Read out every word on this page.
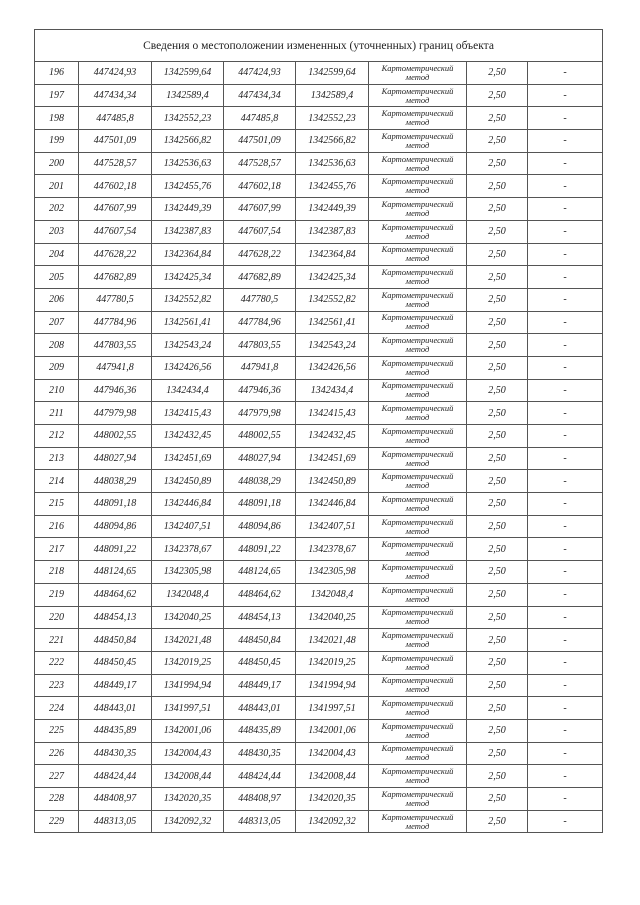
Сведения о местоположении измененных (уточненных) границ объекта							
196	447424,93	1342599,64	447424,93	1342599,64	Картометрический
метод	2,50	-
197	447434,34	1342589,4	447434,34	1342589,4	Картометрический
метод	2,50	-
198	447485,8	1342552,23	447485,8	1342552,23	Картометрический
метод	2,50	-
199	447501,09	1342566,82	447501,09	1342566,82	Картометрический
метод	2,50	-
200	447528,57	1342536,63	447528,57	1342536,63	Картометрический
метод	2,50	-
201	447602,18	1342455,76	447602,18	1342455,76	Картометрический
метод	2,50	-
202	447607,99	1342449,39	447607,99	1342449,39	Картометрический
метод	2,50	-
203	447607,54	1342387,83	447607,54	1342387,83	Картометрический
метод	2,50	-
204	447628,22	1342364,84	447628,22	1342364,84	Картометрический
метод	2,50	-
205	447682,89	1342425,34	447682,89	1342425,34	Картометрический
метод	2,50	-
206	447780,5	1342552,82	447780,5	1342552,82	Картометрический
метод	2,50	-
207	447784,96	1342561,41	447784,96	1342561,41	Картометрический
метод	2,50	-
208	447803,55	1342543,24	447803,55	1342543,24	Картометрический
метод	2,50	-
209	447941,8	1342426,56	447941,8	1342426,56	Картометрический
метод	2,50	-
210	447946,36	1342434,4	447946,36	1342434,4	Картометрический
метод	2,50	-
211	447979,98	1342415,43	447979,98	1342415,43	Картометрический
метод	2,50	-
212	448002,55	1342432,45	448002,55	1342432,45	Картометрический
метод	2,50	-
213	448027,94	1342451,69	448027,94	1342451,69	Картометрический
метод	2,50	-
214	448038,29	1342450,89	448038,29	1342450,89	Картометрический
метод	2,50	-
215	448091,18	1342446,84	448091,18	1342446,84	Картометрический
метод	2,50	-
216	448094,86	1342407,51	448094,86	1342407,51	Картометрический
метод	2,50	-
217	448091,22	1342378,67	448091,22	1342378,67	Картометрический
метод	2,50	-
218	448124,65	1342305,98	448124,65	1342305,98	Картометрический
метод	2,50	-
219	448464,62	1342048,4	448464,62	1342048,4	Картометрический
метод	2,50	-
220	448454,13	1342040,25	448454,13	1342040,25	Картометрический
метод	2,50	-
221	448450,84	1342021,48	448450,84	1342021,48	Картометрический
метод	2,50	-
222	448450,45	1342019,25	448450,45	1342019,25	Картометрический
метод	2,50	-
223	448449,17	1341994,94	448449,17	1341994,94	Картометрический
метод	2,50	-
224	448443,01	1341997,51	448443,01	1341997,51	Картометрический
метод	2,50	-
225	448435,89	1342001,06	448435,89	1342001,06	Картометрический
метод	2,50	-
226	448430,35	1342004,43	448430,35	1342004,43	Картометрический
метод	2,50	-
227	448424,44	1342008,44	448424,44	1342008,44	Картометрический
метод	2,50	-
228	448408,97	1342020,35	448408,97	1342020,35	Картометрический
метод	2,50	-
229	448313,05	1342092,32	448313,05	1342092,32	Картометрический
метод	2,50	-
